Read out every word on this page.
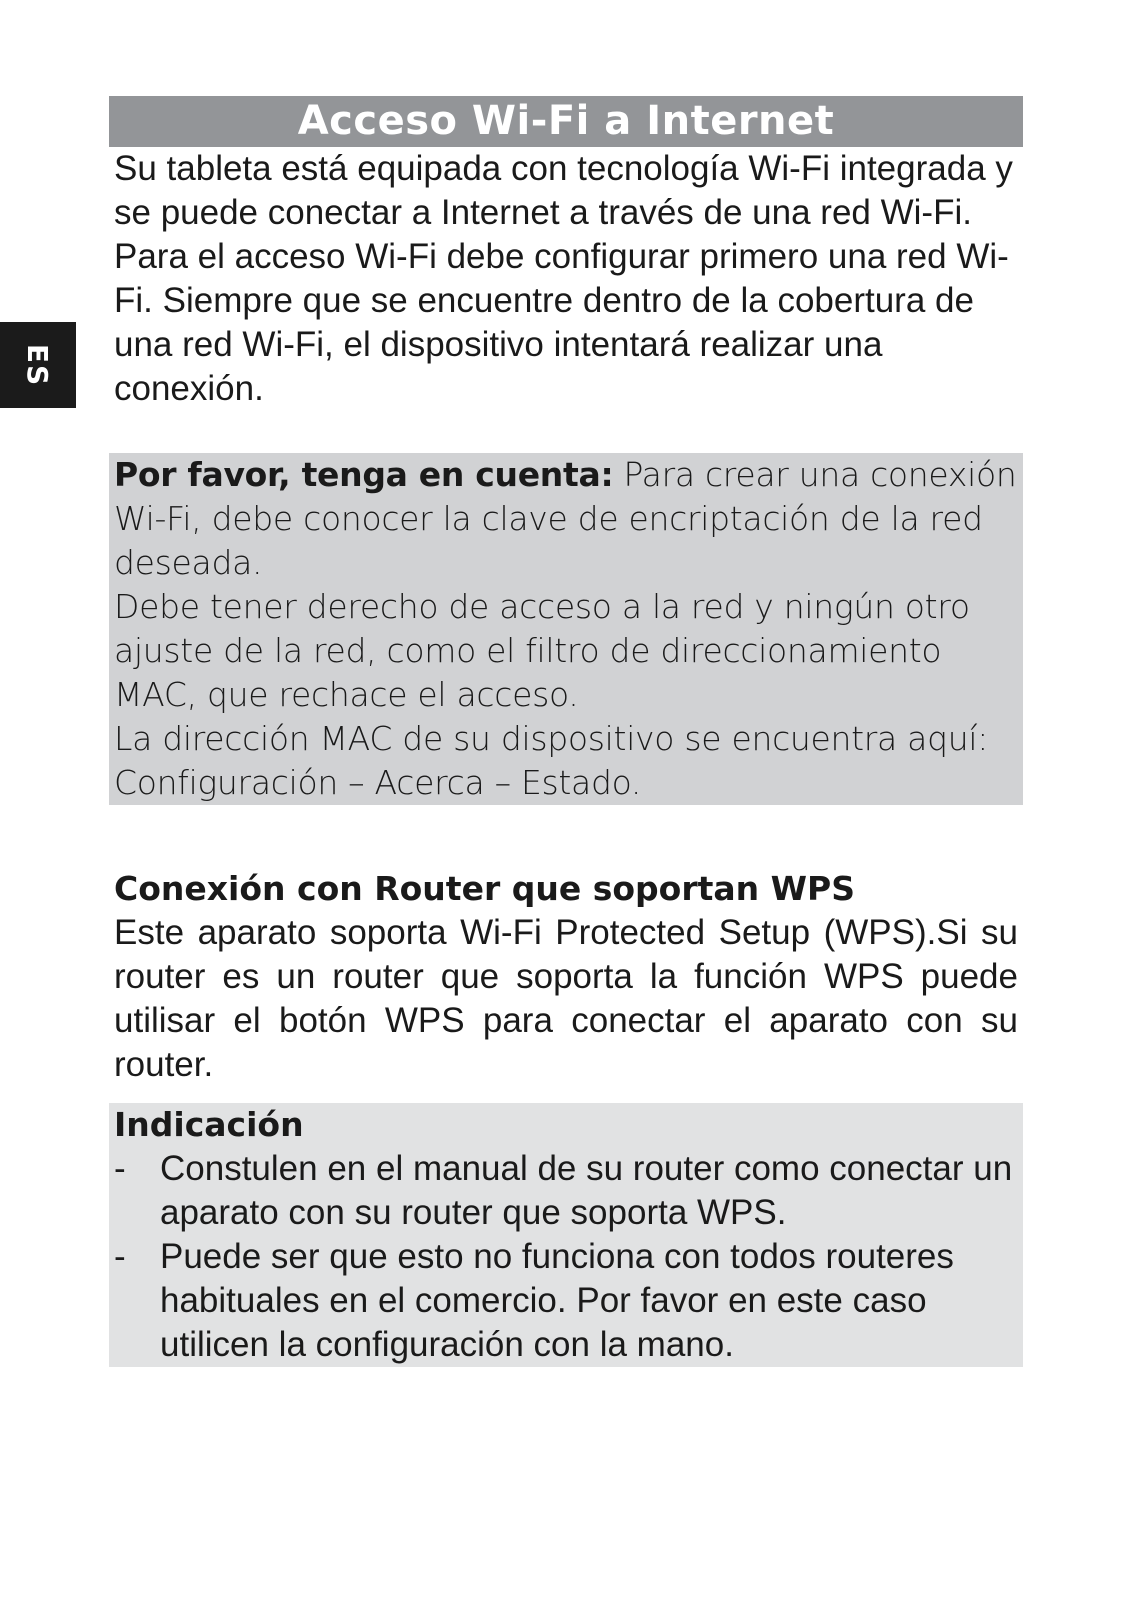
ES
Acceso Wi-Fi a Internet

Su tableta está equipada con tecnología Wi-Fi integrada y se puede conectar a Internet a través de una red Wi-Fi.

Para el acceso Wi-Fi debe configurar primero una red Wi-Fi. Siempre que se encuentre dentro de la cobertura de una red Wi-Fi, el dispositivo intentará realizar una conexión.

Por favor, tenga en cuenta: Para crear una conexión Wi-Fi, debe conocer la clave de encriptación de la red deseada.
Debe tener derecho de acceso a la red y ningún otro ajuste de la red, como el filtro de direccionamiento MAC, que rechace el acceso.
La dirección MAC de su dispositivo se encuentra aquí: Configuración – Acerca – Estado.
Conexión con Router que soportan WPS

Este aparato soporta Wi-Fi Protected Setup (WPS).Si su router es un router que soporta la función WPS puede utilisar el botón WPS para conectar el aparato con su router.

Indicación
- Constulen en el manual de su router como conectar un aparato con su router que soporta WPS.
- Puede ser que esto no funciona con todos routeres habituales en el comercio. Por favor en este caso utilicen la configuración con la mano.
